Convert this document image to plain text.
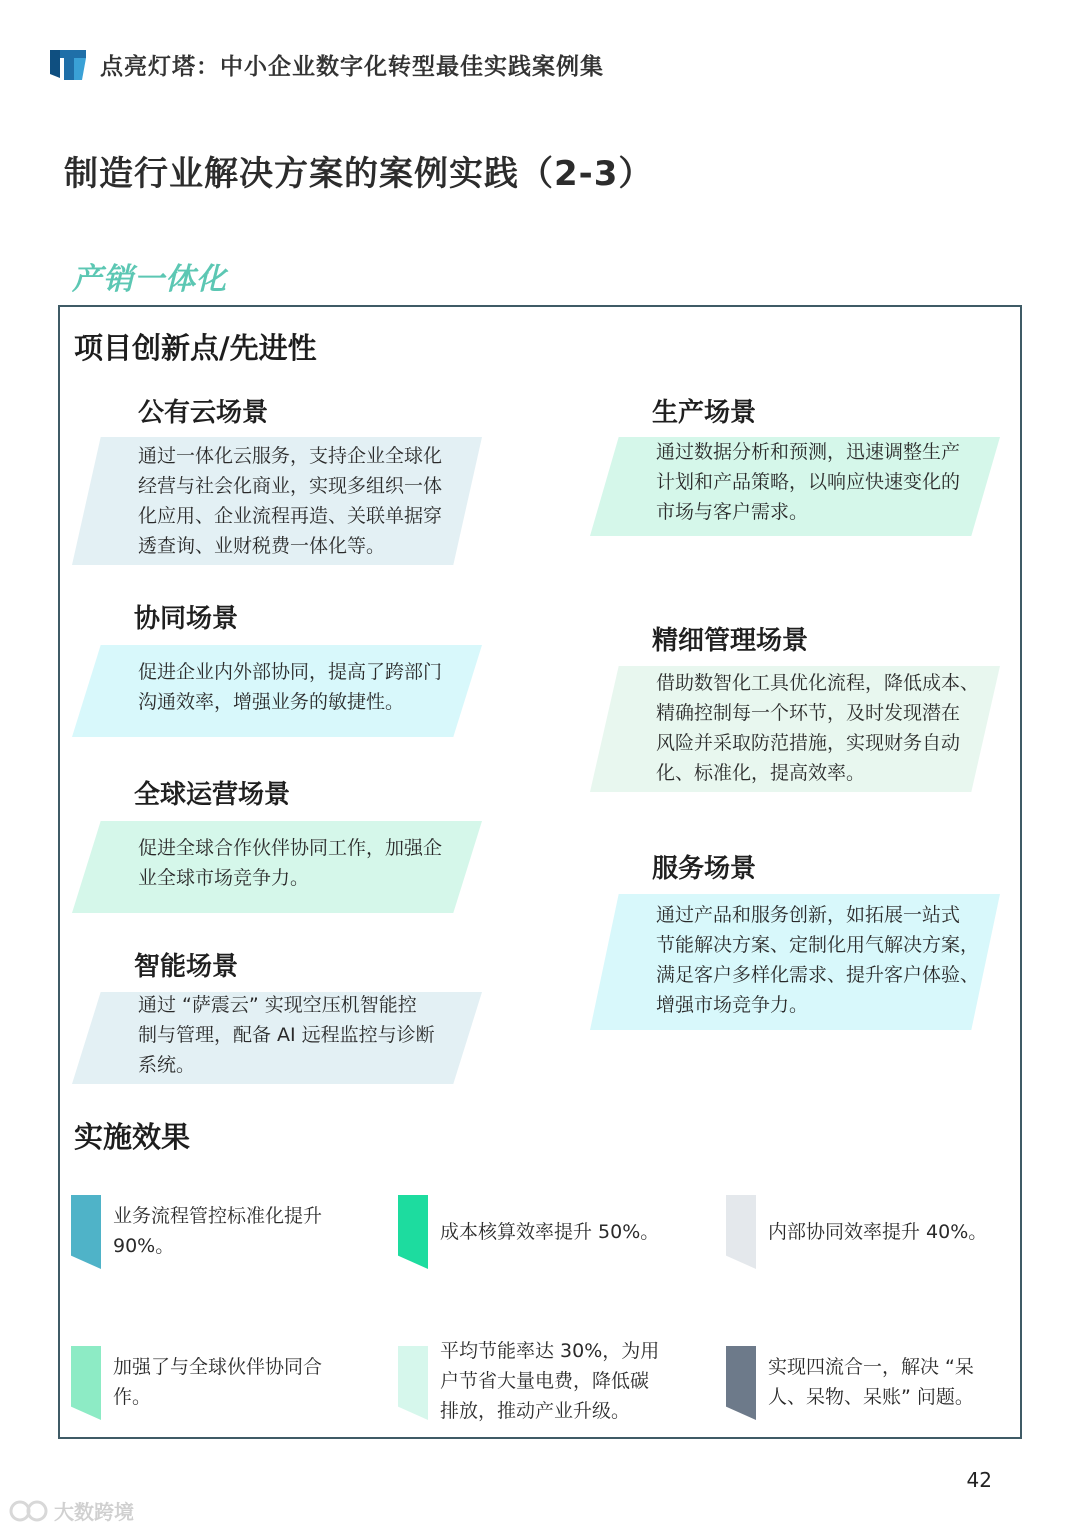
点亮灯塔：中小企业数字化转型最佳实践案例集
制造行业解决方案的案例实践（2-3）
产销一体化
项目创新点/先进性
公有云场景
通过一体化云服务，支持企业全球化
经营与社会化商业，实现多组织一体
化应用、企业流程再造、关联单据穿
透查询、业财税费一体化等。
协同场景
促进企业内外部协同，提高了跨部门
沟通效率，增强业务的敏捷性。
全球运营场景
促进全球合作伙伴协同工作，加强企
业全球市场竞争力。
智能场景
通过 “萨震云” 实现空压机智能控
制与管理，配备 AI 远程监控与诊断
系统。
生产场景
通过数据分析和预测，迅速调整生产
计划和产品策略，以响应快速变化的
市场与客户需求。
精细管理场景
借助数智化工具优化流程，降低成本、
精确控制每一个环节，及时发现潜在
风险并采取防范措施，实现财务自动
化、标准化，提高效率。
服务场景
通过产品和服务创新，如拓展一站式
节能解决方案、定制化用气解决方案，
满足客户多样化需求、提升客户体验、
增强市场竞争力。
实施效果
业务流程管控标准化提升
90%。
成本核算效率提升 50%。	内部协同效率提升 40%。
加强了与全球伙伴协同合
作。
平均节能率达 30%，为用
户节省大量电费，降低碳
排放，推动产业升级。
实现四流合一，解决 “呆
人、呆物、呆账” 问题。
42
大数跨境
